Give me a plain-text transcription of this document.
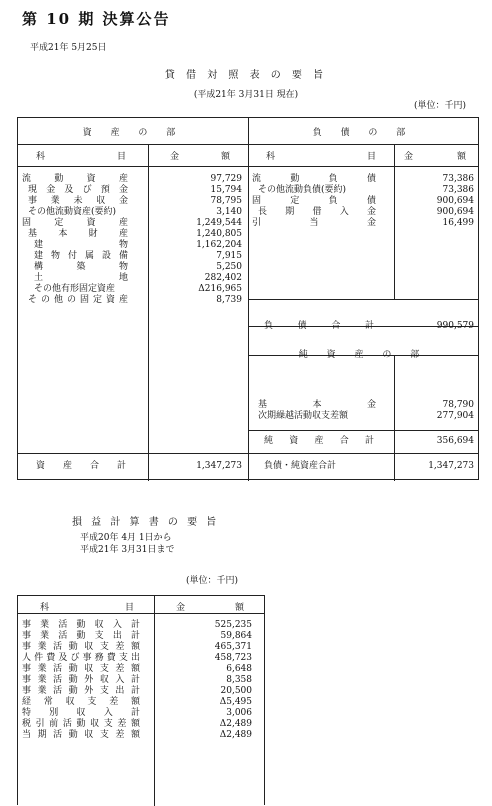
第 10 期 決算公告
平成21年 5月25日
貸 借 対 照 表 の 要 旨
(平成21年 3月31日 現在)
(単位：千円)
資 産 の 部	負 債 の 部
科 目	金 額	科 目	金 額
流動資産	97,729
現金及び預金	15,794
事業未収金	78,795
その他流動資産(要約)	3,140
固定資産	1,249,544
基本財産	1,240,805
建物	1,162,204
建物付属設備	7,915
構築物	5,250
土地	282,402
その他有形固定資産	Δ216,965
その他の固定資産	8,739
流動負債	73,386
その他流動負債(要約)	73,386
固定負債	900,694
長期借入金	900,694
引当金	16,499
負債合計	990,579
純 資 産 の 部
基本金	78,790
次期繰越活動収支差額	277,904
純資産合計	356,694
資産合計	1,347,273 負債・純資産合計	1,347,273
損 益 計 算 書 の 要 旨
平成20年 4月 1日から
平成21年 3月31日まで
(単位：千円)
科 目	金 額
事業活動収入計	525,235
事業活動支出計	59,864
事業活動収支差額	465,371
人件費及び事務費支出	458,723
事業活動収支差額	6,648
事業活動外収入計	8,358
事業活動外支出計	20,500
経常収支差額	Δ5,495
特別収入計	3,006
税引前活動収支差額	Δ2,489
当期活動収支差額	Δ2,489
